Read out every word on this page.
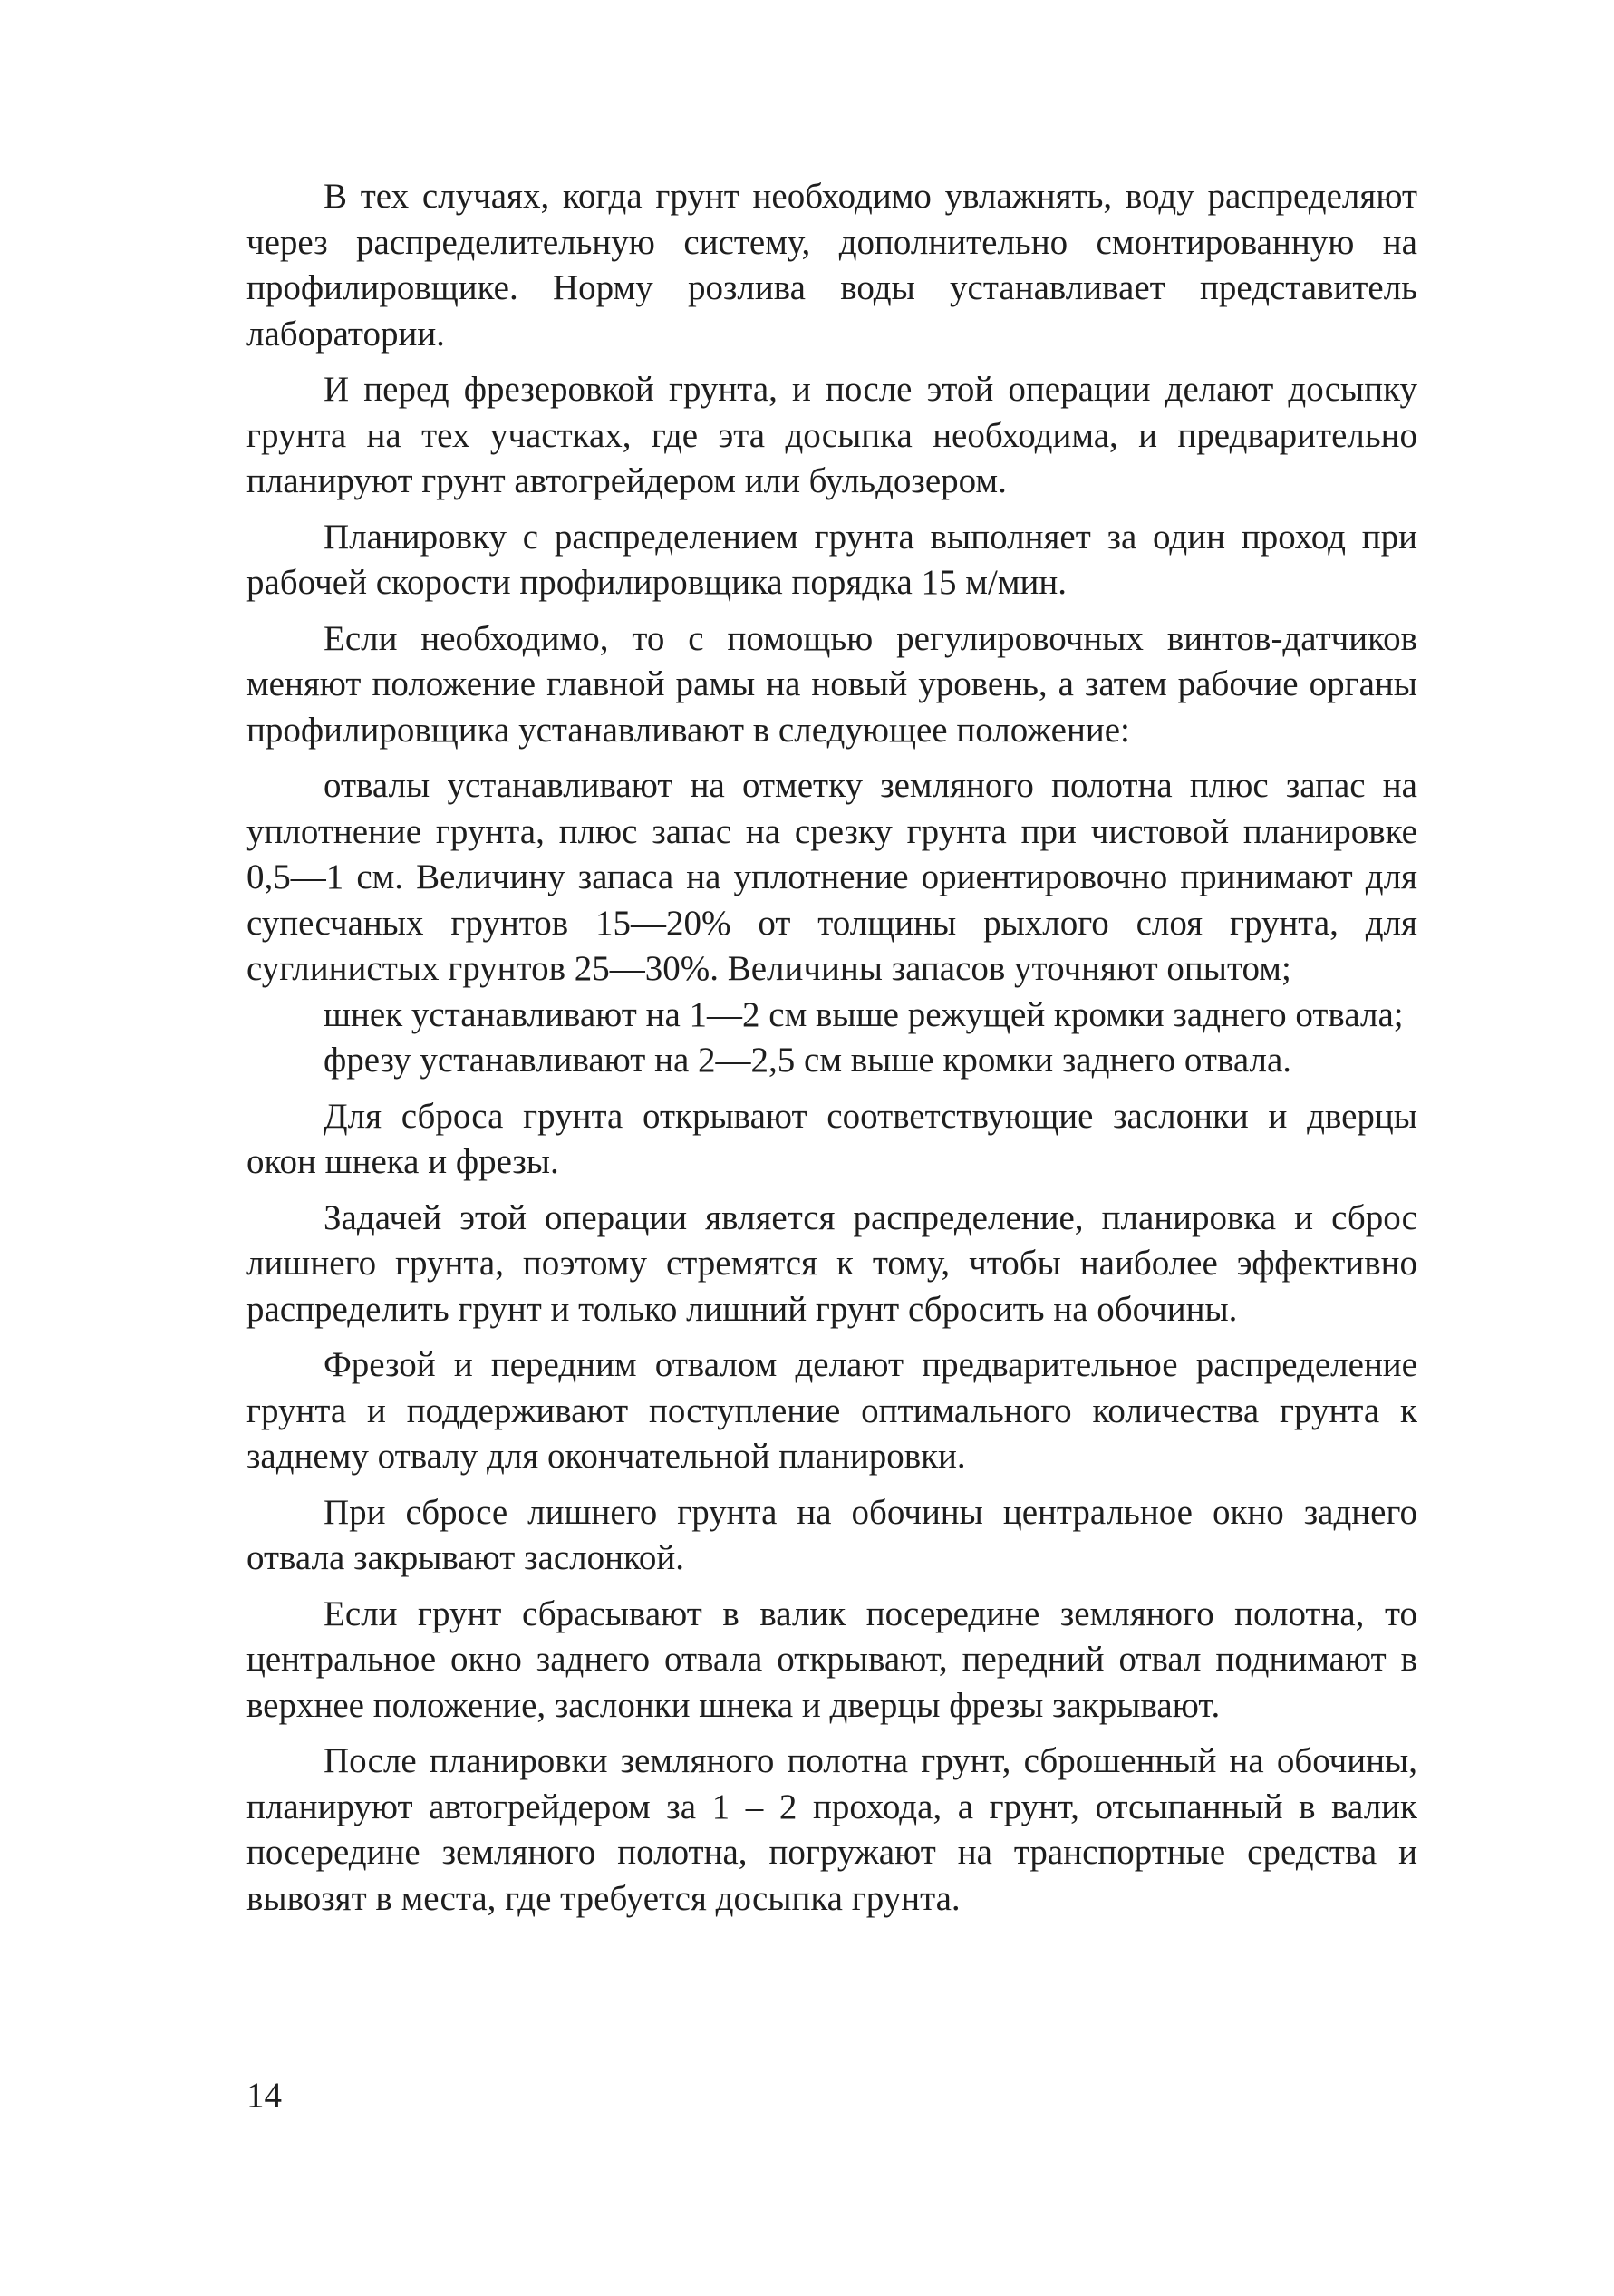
В тех случаях, когда грунт необходимо увлажнять, воду распределяют через распределительную систему, дополнительно смонтированную на профилировщике. Норму розлива воды устанавливает представитель лаборатории.

И перед фрезеровкой грунта, и после этой операции делают досыпку грунта на тех участках, где эта досыпка необходима, и предварительно планируют грунт автогрейдером или бульдозером.

Планировку с распределением грунта выполняет за один проход при рабочей скорости профилировщика порядка 15 м/мин.

Если необходимо, то с помощью регулировочных винтов-датчиков меняют положение главной рамы на новый уровень, а затем рабочие органы профилировщика устанавливают в следующее положение:

отвалы устанавливают на отметку земляного полотна плюс запас на уплотнение грунта, плюс запас на срезку грунта при чистовой планировке 0,5—1 см. Величину запаса на уплотнение ориентировочно принимают для супесчаных грунтов 15—20% от толщины рыхлого слоя грунта, для суглинистых грунтов 25—30%. Величины запасов уточняют опытом;

шнек устанавливают на 1—2 см выше режущей кромки заднего отвала;

фрезу устанавливают на 2—2,5 см выше кромки заднего отвала.

Для сброса грунта открывают соответствующие заслонки и дверцы окон шнека и фрезы.

Задачей этой операции является распределение, планировка и сброс лишнего грунта, поэтому стремятся к тому, чтобы наиболее эффективно распределить грунт и только лишний грунт сбросить на обочины.

Фрезой и передним отвалом делают предварительное распределение грунта и поддерживают поступление оптимального количества грунта к заднему отвалу для окончательной планировки.

При сбросе лишнего грунта на обочины центральное окно заднего отвала закрывают заслонкой.

Если грунт сбрасывают в валик посередине земляного полотна, то центральное окно заднего отвала открывают, передний отвал поднимают в верхнее положение, заслонки шнека и дверцы фрезы закрывают.

После планировки земляного полотна грунт, сброшенный на обочины, планируют автогрейдером за 1 – 2 прохода, а грунт, отсыпанный в валик посередине земляного полотна, погружают на транспортные средства и вывозят в места, где требуется досыпка грунта.

14
